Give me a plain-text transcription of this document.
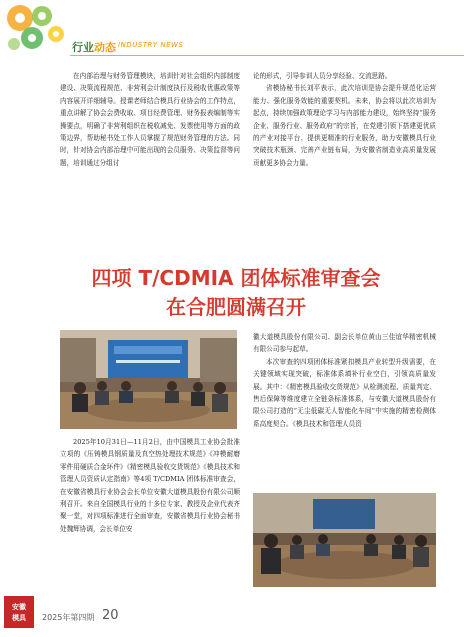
行业动态 INDUSTRY NEWS

在内部治理与财务管理模块，培训针对社会组织内部制度建设、决策流程规范、非营利会计制度执行及税收优惠政策等内容展开详细辅导。授课老师结合模具行业协会的工作特点，重点讲解了协会会费收取、项目经费管理、财务报表编制等实操要点，明确了非营利组织在税收减免、发票使用等方面的政策边界，帮助秘书处工作人员掌握了规范财务管理的方法。同时，针对协会内部治理中可能出现的会员服务、决策监督等问题，培训通过分组讨

论的形式，引导参训人员分享经验、交流思路。

省模协秘书长刘平表示，此次培训是协会提升规范化运营能力、强化服务效能的重要契机。未来，协会将以此次培训为起点，持续加强政策理论学习与内部能力建设，始终坚持“服务企业、服务行业、服务政府”的宗旨，在党建引领下搭建更优质的产业对接平台、提供更精准的行业服务，助力安徽模具行业突破技术瓶颈、完善产业链布局，为安徽省制造业高质量发展贡献更多协会力量。

四项 T/CDMIA 团体标准审查会
在合肥圆满召开

2025年10月31日—11月2日，由中国模具工业协会批准立项的《压铸模具钢质量及真空热处理技术规范》《冲模耐磨零件用硬质合金环件》《精密模具验收交货规范》《模具技术和管理人员资质认定指南》等4项 T/CDMIA 团体标准审查会，在安徽省模具行业协会会长单位安徽大道模具股份有限公司顺利召开。来自全国模具行业的十多位专家、教授及企业代表齐聚一堂，对四项标准进行全面审查，安徽省模具行业协会秘书处魏辉协调，会长单位安

徽大道模具股份有限公司、副会长单位黄山三佳谊华精密机械有限公司参与起草。

本次审查的四项团体标准紧扣模具产业转型升级需要，在关键领域实现突破，标准体系填补行业空白，引领高质量发展。其中：《精密模具验收交货规范》从检测流程、质量判定、售后保障等维度建立全链条标准体系，与安徽大道模具股份有限公司打造的“无尘低碳无人智能化车间”中实施的精密检测体系高度契合。《模具技术和管理人员资

安徽
模具	2025年第四期 20
